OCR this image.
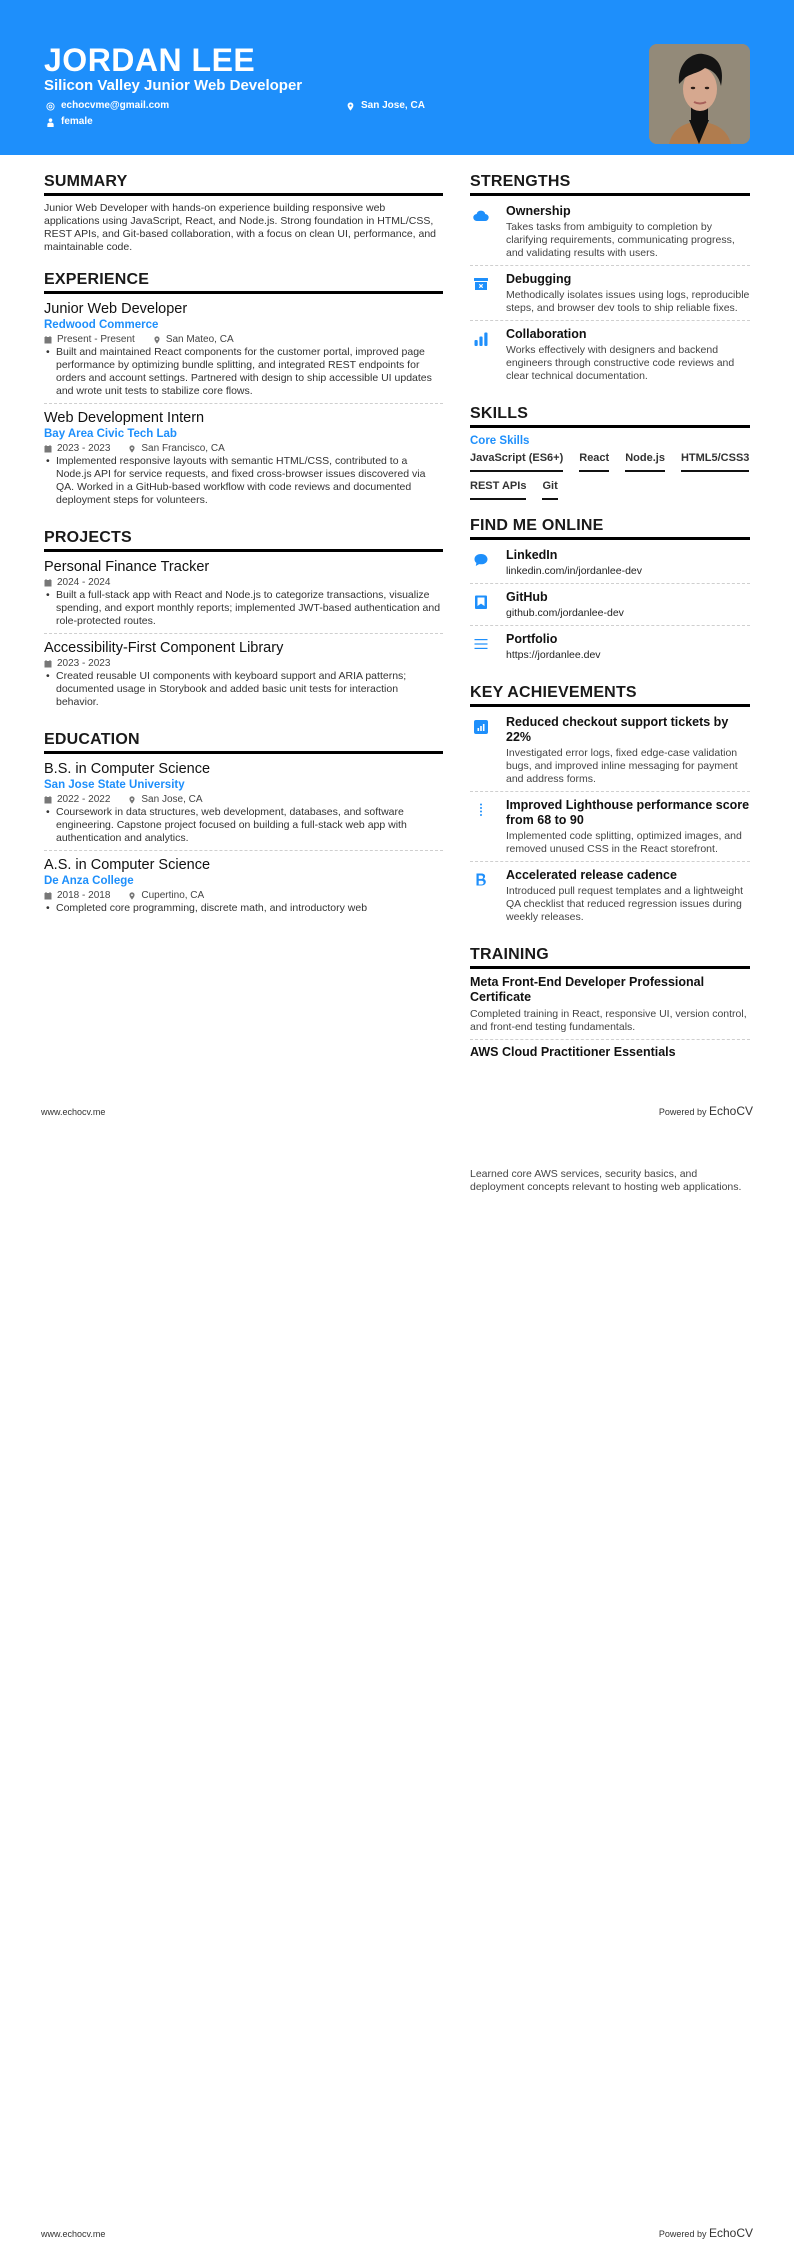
JORDAN LEE
Silicon Valley Junior Web Developer
echocvme@gmail.com	San Jose, CA
female
SUMMARY
Junior Web Developer with hands-on experience building responsive web applications using JavaScript, React, and Node.js. Strong foundation in HTML/CSS, REST APIs, and Git-based collaboration, with a focus on clean UI, performance, and maintainable code.
EXPERIENCE
Junior Web Developer
Redwood Commerce
Present - Present	San Mateo, CA
• Built and maintained React components for the customer portal, improved page performance by optimizing bundle splitting, and integrated REST endpoints for orders and account settings. Partnered with design to ship accessible UI updates and wrote unit tests to stabilize core flows.
Web Development Intern
Bay Area Civic Tech Lab
2023 - 2023	San Francisco, CA
• Implemented responsive layouts with semantic HTML/CSS, contributed to a Node.js API for service requests, and fixed cross-browser issues discovered via QA. Worked in a GitHub-based workflow with code reviews and documented deployment steps for volunteers.
PROJECTS
Personal Finance Tracker
2024 - 2024
• Built a full-stack app with React and Node.js to categorize transactions, visualize spending, and export monthly reports; implemented JWT-based authentication and role-protected routes.
Accessibility-First Component Library
2023 - 2023
• Created reusable UI components with keyboard support and ARIA patterns; documented usage in Storybook and added basic unit tests for interaction behavior.
EDUCATION
B.S. in Computer Science
San Jose State University
2022 - 2022	San Jose, CA
• Coursework in data structures, web development, databases, and software engineering. Capstone project focused on building a full-stack web app with authentication and analytics.
A.S. in Computer Science
De Anza College
2018 - 2018	Cupertino, CA
• Completed core programming, discrete math, and introductory web
STRENGTHS
Ownership
Takes tasks from ambiguity to completion by clarifying requirements, communicating progress, and validating results with users.
Debugging
Methodically isolates issues using logs, reproducible steps, and browser dev tools to ship reliable fixes.
Collaboration
Works effectively with designers and backend engineers through constructive code reviews and clear technical documentation.
SKILLS
Core Skills
JavaScript (ES6+) React Node.js HTML5/CSS3
REST APIs Git
FIND ME ONLINE
LinkedIn
linkedin.com/in/jordanlee-dev
GitHub
github.com/jordanlee-dev
Portfolio
https://jordanlee.dev
KEY ACHIEVEMENTS
Reduced checkout support tickets by 22%
Investigated error logs, fixed edge-case validation bugs, and improved inline messaging for payment and address forms.
Improved Lighthouse performance score from 68 to 90
Implemented code splitting, optimized images, and removed unused CSS in the React storefront.
Accelerated release cadence
Introduced pull request templates and a lightweight QA checklist that reduced regression issues during weekly releases.
TRAINING
Meta Front-End Developer Professional Certificate
Completed training in React, responsive UI, version control, and front-end testing fundamentals.
AWS Cloud Practitioner Essentials
www.echocv.me	Powered by EchoCV
Learned core AWS services, security basics, and deployment concepts relevant to hosting web applications.
www.echocv.me	Powered by EchoCV
